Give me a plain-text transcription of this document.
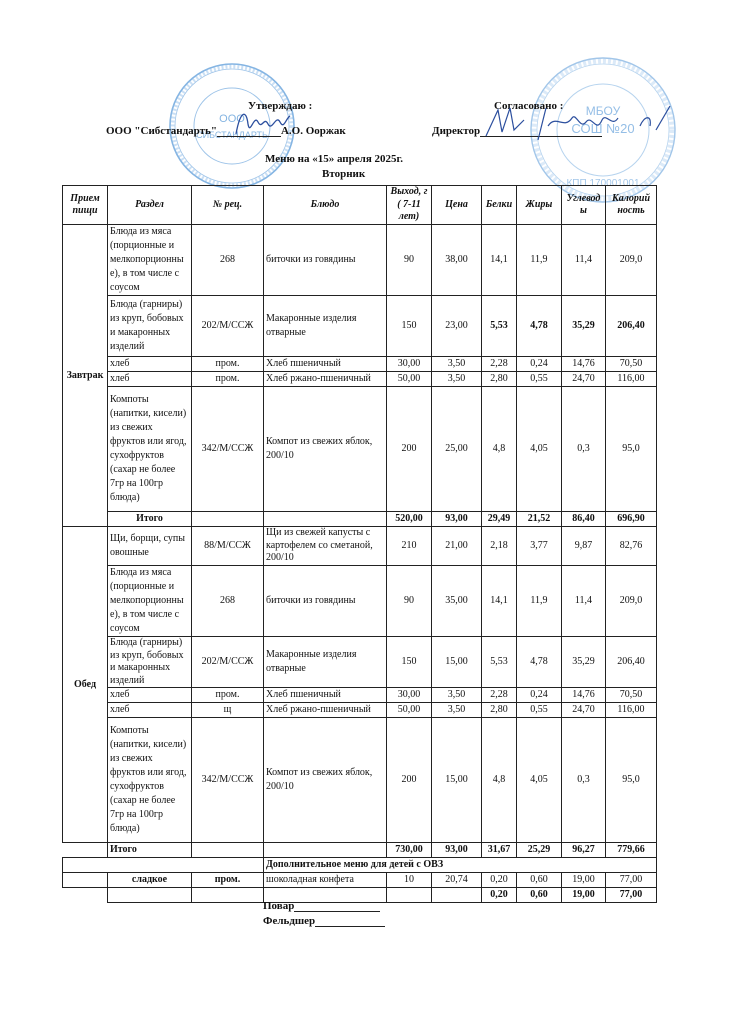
ООО
СИБСТАНДАРТЬ
МБОУ
СОШ №20
КПП 170001001
Утверждаю :
ООО "Сибстандарть"	А.О. Ооржак
Согласовано :
Директор
Меню на «15» апреля 2025г.
Вторник
Прием пищи	Раздел	№ рец.	Блюдо	Выход, г ( 7-11 лет)	Цена	Белки	Жиры	Углевод ы	Калорий ность
Завтрак	Блюда из мяса (порционные и мелкопорционны е), в том числе с соусом	268	биточки из говядины	90	38,00	14,1	11,9	11,4	209,0
	Блюда (гарниры) из круп, бобовых и макаронных изделий	202/М/ССЖ	Макаронные изделия отварные	150	23,00	5,53	4,78	35,29	206,40
	хлеб	пром.	Хлеб пшеничный	30,00	3,50	2,28	0,24	14,76	70,50
	хлеб	пром.	Хлеб ржано-пшеничный	50,00	3,50	2,80	0,55	24,70	116,00
	Компоты (напитки, кисели) из свежих фруктов или ягод, сухофруктов (сахар не более 7гр на 100гр блюда)	342/М/ССЖ	Компот из свежих яблок, 200/10	200	25,00	4,8	4,05	0,3	95,0
	Итого			520,00	93,00	29,49	21,52	86,40	696,90
Обед	Щи, борщи, супы овошные	88/М/ССЖ	Щи из свежей капусты с картофелем со сметаной, 200/10	210	21,00	2,18	3,77	9,87	82,76
	Блюда из мяса (порционные и мелкопорционны е), в том числе с соусом	268	биточки из говядины	90	35,00	14,1	11,9	11,4	209,0
	Блюда (гарниры) из круп, бобовых и макаронных изделий	202/М/ССЖ	Макаронные изделия отварные	150	15,00	5,53	4,78	35,29	206,40
	хлеб	пром.	Хлеб пшеничный	30,00	3,50	2,28	0,24	14,76	70,50
	хлеб	щ	Хлеб ржано-пшеничный	50,00	3,50	2,80	0,55	24,70	116,00
	Компоты (напитки, кисели) из свежих фруктов или ягод, сухофруктов (сахар не более 7гр на 100гр блюда)	342/М/ССЖ	Компот из свежих яблок, 200/10	200	15,00	4,8	4,05	0,3	95,0
	Итого			730,00	93,00	31,67	25,29	96,27	779,66
			Дополнительное меню для детей с ОВЗ						
	сладкое	пром.	шоколадная конфета	10	20,74	0,20	0,60	19,00	77,00
						0,20	0,60	19,00	77,00
Повар
Фельдшер
